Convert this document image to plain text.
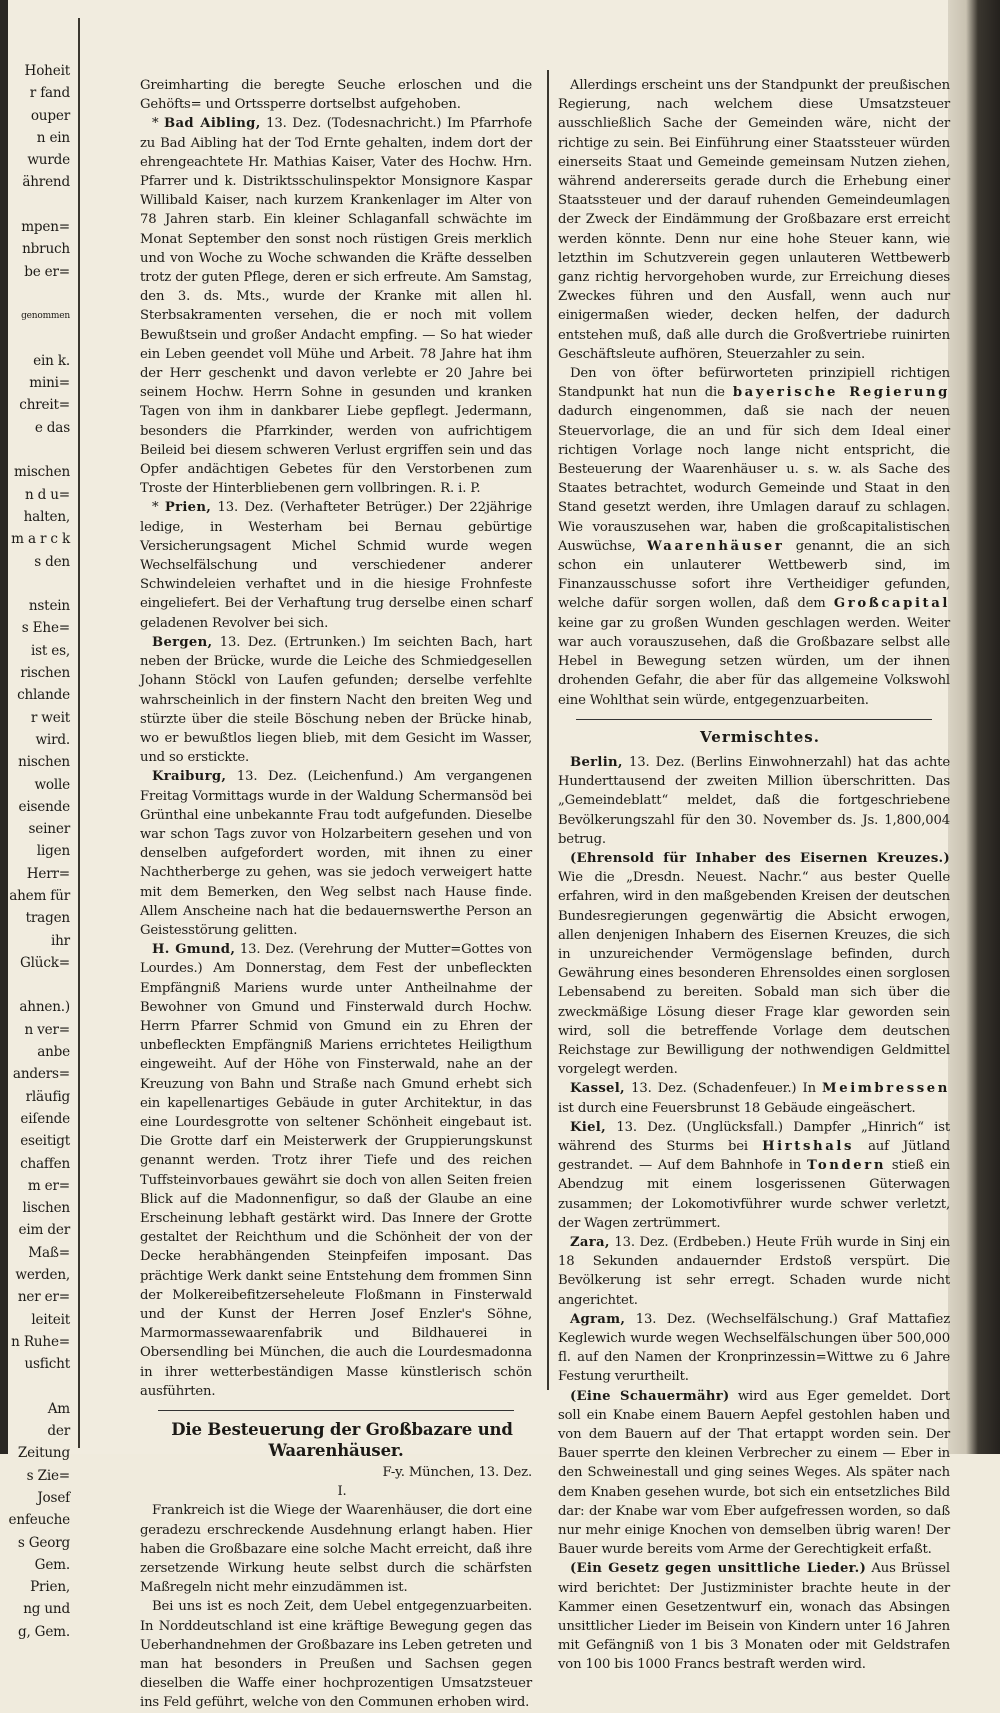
Hoheit
r fand
ouper
n ein
wurde
ährend
mpen=
nbruch
be er=
genommen
ein k.
mini=
chreit=
e das
mischen
n d u=
halten,
m a r c k
s den
nstein
s Ehe=
ist es,
rischen
chlande
r weit
wird.
nischen
wolle
eisende
seiner
ligen
Herr=
ahem für
tragen
ihr
Glück=
ahnen.)
n ver=
anbe
anders=
rläufig
eiſende
eseitigt
chaffen
m er=
lischen
eim der
Maß=
werden,
ner er=
leiteit
n Ruhe=
usficht
Am
der
Zeitung
s Zie=
Josef
enfeuche
s Georg
Gem.
Prien,
ng und
g, Gem.

Greimharting die beregte Seuche erloschen und die Gehöfts= und Ortssperre dortselbst aufgehoben.

* Bad Aibling, 13. Dez. (Todesnachricht.) Im Pfarrhofe zu Bad Aibling hat der Tod Ernte gehalten, indem dort der ehrengeachtete Hr. Mathias Kaiser, Vater des Hochw. Hrn. Pfarrer und k. Distriktsschulinspektor Monsignore Kaspar Willibald Kaiser, nach kurzem Krankenlager im Alter von 78 Jahren starb. Ein kleiner Schlaganfall schwächte im Monat September den sonst noch rüstigen Greis merklich und von Woche zu Woche schwanden die Kräfte desselben trotz der guten Pflege, deren er sich erfreute. Am Samstag, den 3. ds. Mts., wurde der Kranke mit allen hl. Sterbsakramenten versehen, die er noch mit vollem Bewußtsein und großer Andacht empfing. — So hat wieder ein Leben geendet voll Mühe und Arbeit. 78 Jahre hat ihm der Herr geschenkt und davon verlebte er 20 Jahre bei seinem Hochw. Herrn Sohne in gesunden und kranken Tagen von ihm in dankbarer Liebe gepflegt. Jedermann, besonders die Pfarrkinder, werden von aufrichtigem Beileid bei diesem schweren Verlust ergriffen sein und das Opfer andächtigen Gebetes für den Verstorbenen zum Troste der Hinterbliebenen gern vollbringen. R. i. P.

* Prien, 13. Dez. (Verhafteter Betrüger.) Der 22jährige ledige, in Westerham bei Bernau gebürtige Versicherungsagent Michel Schmid wurde wegen Wechselfälschung und verschiedener anderer Schwindeleien verhaftet und in die hiesige Frohnfeste eingeliefert. Bei der Verhaftung trug derselbe einen scharf geladenen Revolver bei sich.

Bergen, 13. Dez. (Ertrunken.) Im seichten Bach, hart neben der Brücke, wurde die Leiche des Schmiedgesellen Johann Stöckl von Laufen gefunden; derselbe verfehlte wahrscheinlich in der finstern Nacht den breiten Weg und stürzte über die steile Böschung neben der Brücke hinab, wo er bewußtlos liegen blieb, mit dem Gesicht im Wasser, und so erstickte.

Kraiburg, 13. Dez. (Leichenfund.) Am vergangenen Freitag Vormittags wurde in der Waldung Schermansöd bei Grünthal eine unbekannte Frau todt aufgefunden. Dieselbe war schon Tags zuvor von Holzarbeitern gesehen und von denselben aufgefordert worden, mit ihnen zu einer Nachtherberge zu gehen, was sie jedoch verweigert hatte mit dem Bemerken, den Weg selbst nach Hause finde. Allem Anscheine nach hat die bedauernswerthe Person an Geistesstörung gelitten.

H. Gmund, 13. Dez. (Verehrung der Mutter=Gottes von Lourdes.) Am Donnerstag, dem Fest der unbefleckten Empfängniß Mariens wurde unter Antheilnahme der Bewohner von Gmund und Finsterwald durch Hochw. Herrn Pfarrer Schmid von Gmund ein zu Ehren der unbefleckten Empfängniß Mariens errichtetes Heiligthum eingeweiht. Auf der Höhe von Finsterwald, nahe an der Kreuzung von Bahn und Straße nach Gmund erhebt sich ein kapellenartiges Gebäude in guter Architektur, in das eine Lourdesgrotte von seltener Schönheit eingebaut ist. Die Grotte darf ein Meisterwerk der Gruppierungskunst genannt werden. Trotz ihrer Tiefe und des reichen Tuffsteinvorbaues gewährt sie doch von allen Seiten freien Blick auf die Madonnenfigur, so daß der Glaube an eine Erscheinung lebhaft gestärkt wird. Das Innere der Grotte gestaltet der Reichthum und die Schönheit der von der Decke herabhängenden Steinpfeifen imposant. Das prächtige Werk dankt seine Entstehung dem frommen Sinn der Molkereibefitzerseheleute Floßmann in Finsterwald und der Kunst der Herren Josef Enzler's Söhne, Marmormassewaarenfabrik und Bildhauerei in Obersendling bei München, die auch die Lourdesmadonna in ihrer wetterbeständigen Masse künstlerisch schön ausführten.

Die Besteuerung der Großbazare und Waarenhäuser.

F-y. München, 13. Dez.

I.

Frankreich ist die Wiege der Waarenhäuser, die dort eine geradezu erschreckende Ausdehnung erlangt haben. Hier haben die Großbazare eine solche Macht erreicht, daß ihre zersetzende Wirkung heute selbst durch die schärfsten Maßregeln nicht mehr einzudämmen ist.

Bei uns ist es noch Zeit, dem Uebel entgegenzuarbeiten. In Norddeutschland ist eine kräftige Bewegung gegen das Ueberhandnehmen der Großbazare ins Leben getreten und man hat besonders in Preußen und Sachsen gegen dieselben die Waffe einer hochprozentigen Umsatzsteuer ins Feld geführt, welche von den Communen erhoben wird.

Allerdings erscheint uns der Standpunkt der preußischen Regierung, nach welchem diese Umsatzsteuer ausschließlich Sache der Gemeinden wäre, nicht der richtige zu sein. Bei Einführung einer Staatssteuer würden einerseits Staat und Gemeinde gemeinsam Nutzen ziehen, während andererseits gerade durch die Erhebung einer Staatssteuer und der darauf ruhenden Gemeindeumlagen der Zweck der Eindämmung der Großbazare erst erreicht werden könnte. Denn nur eine hohe Steuer kann, wie letzthin im Schutzverein gegen unlauteren Wettbewerb ganz richtig hervorgehoben wurde, zur Erreichung dieses Zweckes führen und den Ausfall, wenn auch nur einigermaßen wieder, decken helfen, der dadurch entstehen muß, daß alle durch die Großvertriebe ruinirten Geschäftsleute aufhören, Steuerzahler zu sein.

Den von öfter befürworteten prinzipiell richtigen Standpunkt hat nun die bayerische Regierung dadurch eingenommen, daß sie nach der neuen Steuervorlage, die an und für sich dem Ideal einer richtigen Vorlage noch lange nicht entspricht, die Besteuerung der Waarenhäuser u. s. w. als Sache des Staates betrachtet, wodurch Gemeinde und Staat in den Stand gesetzt werden, ihre Umlagen darauf zu schlagen. Wie vorauszusehen war, haben die großcapitalistischen Auswüchse, Waarenhäuser genannt, die an sich schon ein unlauterer Wettbewerb sind, im Finanzausschusse sofort ihre Vertheidiger gefunden, welche dafür sorgen wollen, daß dem Großcapital keine gar zu großen Wunden geschlagen werden. Weiter war auch vorauszusehen, daß die Großbazare selbst alle Hebel in Bewegung setzen würden, um der ihnen drohenden Gefahr, die aber für das allgemeine Volkswohl eine Wohlthat sein würde, entgegenzuarbeiten.

Vermischtes.

Berlin, 13. Dez. (Berlins Einwohnerzahl) hat das achte Hunderttausend der zweiten Million überschritten. Das „Gemeindeblatt“ meldet, daß die fortgeschriebene Bevölkerungszahl für den 30. November ds. Js. 1,800,004 betrug.

(Ehrensold für Inhaber des Eisernen Kreuzes.) Wie die „Dresdn. Neuest. Nachr.“ aus bester Quelle erfahren, wird in den maßgebenden Kreisen der deutschen Bundesregierungen gegenwärtig die Absicht erwogen, allen denjenigen Inhabern des Eisernen Kreuzes, die sich in unzureichender Vermögenslage befinden, durch Gewährung eines besonderen Ehrensoldes einen sorglosen Lebensabend zu bereiten. Sobald man sich über die zweckmäßige Lösung dieser Frage klar geworden sein wird, soll die betreffende Vorlage dem deutschen Reichstage zur Bewilligung der nothwendigen Geldmittel vorgelegt werden.

Kassel, 13. Dez. (Schadenfeuer.) In Meimbressen ist durch eine Feuersbrunst 18 Gebäude eingeäschert.

Kiel, 13. Dez. (Unglücksfall.) Dampfer „Hinrich“ ist während des Sturms bei Hirtshals auf Jütland gestrandet. — Auf dem Bahnhofe in Tondern stieß ein Abendzug mit einem losgerissenen Güterwagen zusammen; der Lokomotivführer wurde schwer verletzt, der Wagen zertrümmert.

Zara, 13. Dez. (Erdbeben.) Heute Früh wurde in Sinj ein 18 Sekunden andauernder Erdstoß verspürt. Die Bevölkerung ist sehr erregt. Schaden wurde nicht angerichtet.

Agram, 13. Dez. (Wechselfälschung.) Graf Mattafiez Keglewich wurde wegen Wechselfälschungen über 500,000 fl. auf den Namen der Kronprinzessin=Wittwe zu 6 Jahre Festung verurtheilt.

(Eine Schauermähr) wird aus Eger gemeldet. Dort soll ein Knabe einem Bauern Aepfel gestohlen haben und von dem Bauern auf der That ertappt worden sein. Der Bauer sperrte den kleinen Verbrecher zu einem — Eber in den Schweinestall und ging seines Weges. Als später nach dem Knaben gesehen wurde, bot sich ein entsetzliches Bild dar: der Knabe war vom Eber aufgefressen worden, so daß nur mehr einige Knochen von demselben übrig waren! Der Bauer wurde bereits vom Arme der Gerechtigkeit erfaßt.

(Ein Gesetz gegen unsittliche Lieder.) Aus Brüssel wird berichtet: Der Justizminister brachte heute in der Kammer einen Gesetzentwurf ein, wonach das Absingen unsittlicher Lieder im Beisein von Kindern unter 16 Jahren mit Gefängniß von 1 bis 3 Monaten oder mit Geldstrafen von 100 bis 1000 Francs bestraft werden wird.
